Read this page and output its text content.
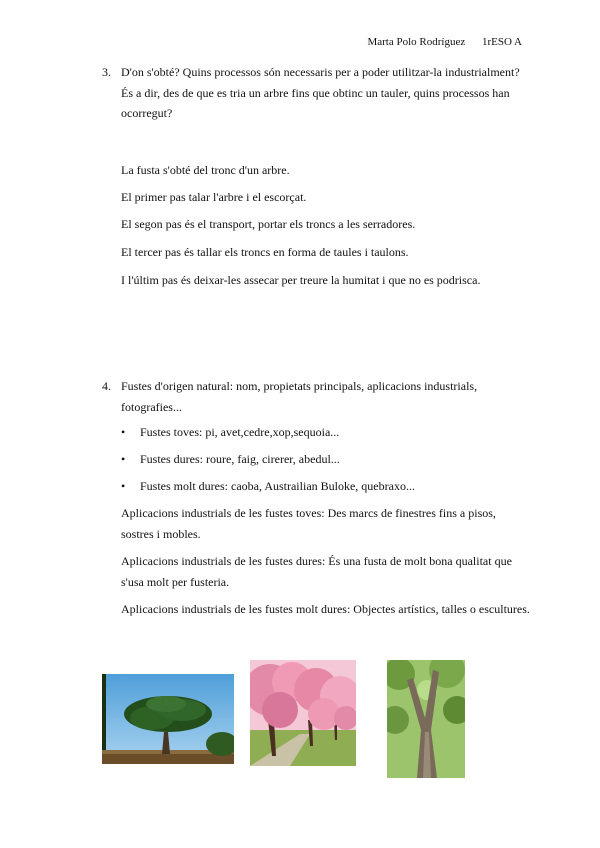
Marta Polo Rodríguez 1rESO A
3. D'on s'obté? Quins processos són necessaris per a poder utilitzar-la industrialment? És a dir, des de que es tria un arbre fins que obtinc un tauler, quins processos han ocorregut?
La fusta s'obté del tronc d'un arbre.
El primer pas talar l'arbre i el escorçat.
El segon pas és el transport, portar els troncs a les serradores.
El tercer pas és tallar els troncs en forma de taules i taulons.
I l'últim pas és deixar-les assecar per treure la humitat i que no es podrisca.
4. Fustes d'origen natural: nom, propietats principals, aplicacions industrials, fotografies...
• Fustes toves: pi, avet,cedre,xop,sequoia...
• Fustes dures: roure, faig, cirerer, abedul...
• Fustes molt dures: caoba, Austrailian Buloke, quebraxo...
Aplicacions industrials de les fustes toves: Des marcs de finestres fins a pisos, sostres i mobles.
Aplicacions industrials de les fustes dures: És una fusta de molt bona qualitat que s'usa molt per fusteria.
Aplicacions industrials de les fustes molt dures: Objectes artístics, talles o escultures.
